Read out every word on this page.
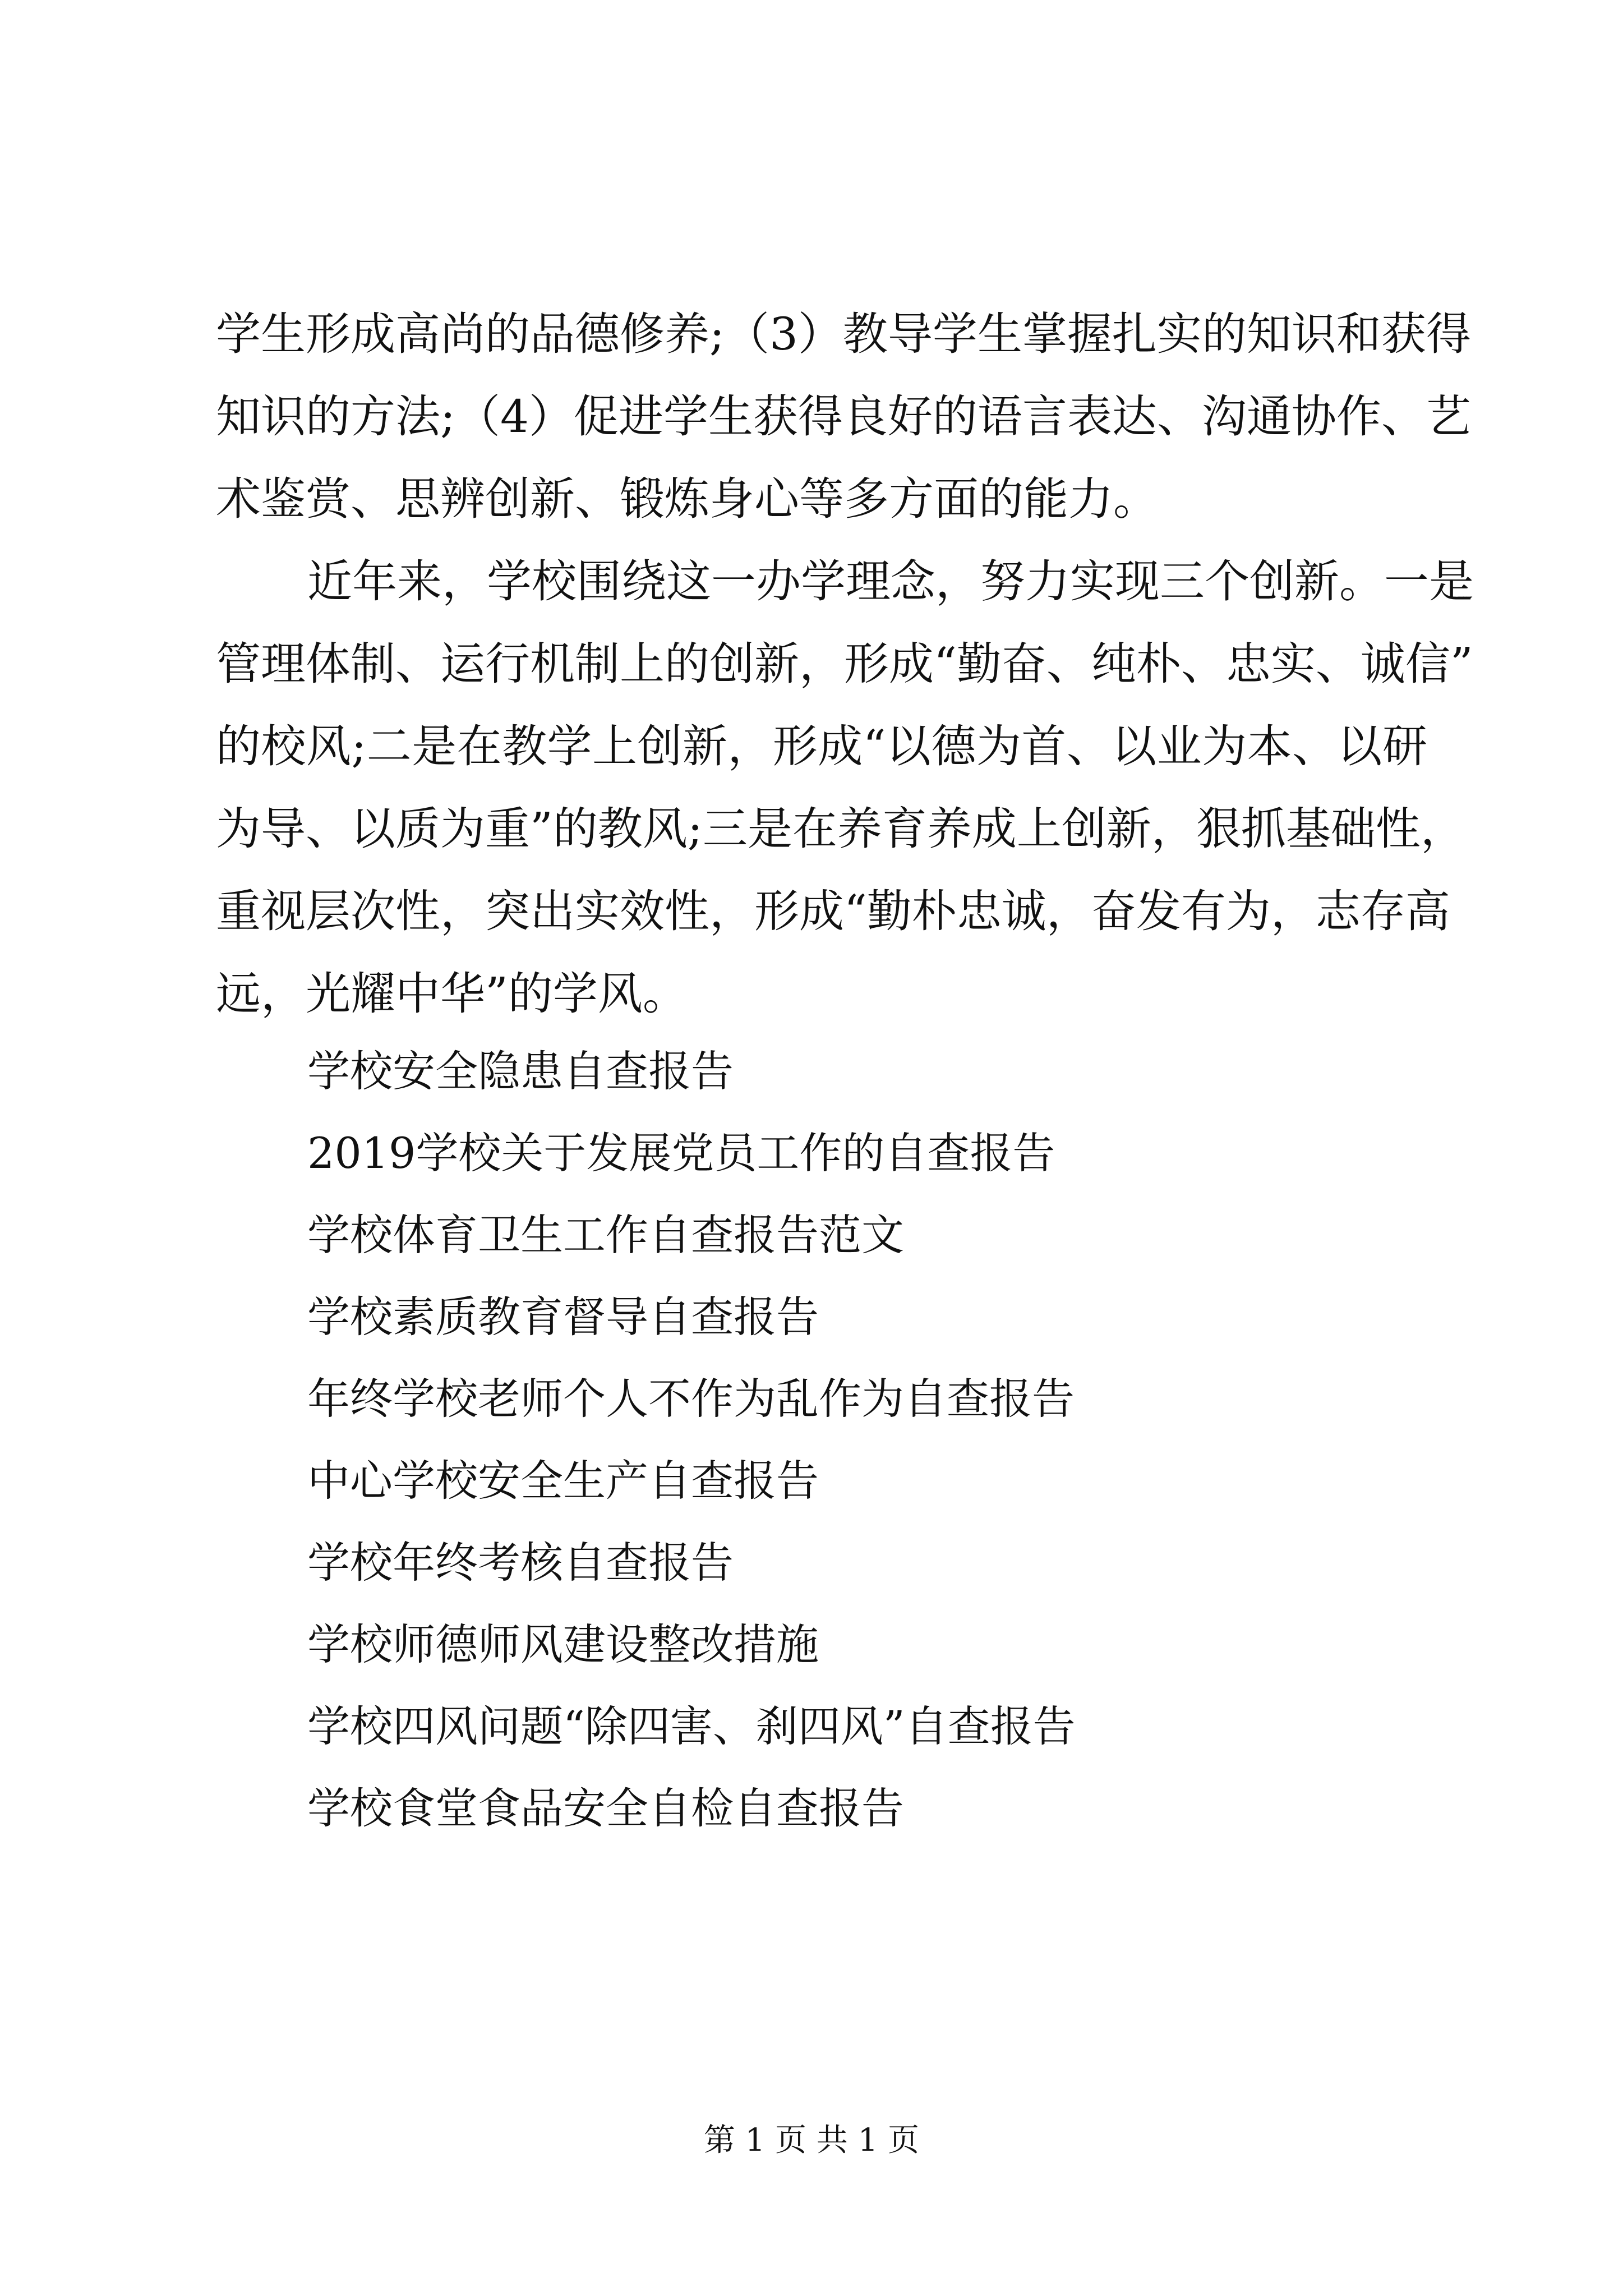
学生形成高尚的品德修养;（3）教导学生掌握扎实的知识和获得
知识的方法;（4）促进学生获得良好的语言表达、沟通协作、艺
术鉴赏、思辨创新、锻炼身心等多方面的能力。
近年来，学校围绕这一办学理念，努力实现三个创新。一是
管理体制、运行机制上的创新，形成“勤奋、纯朴、忠实、诚信”
的校风;二是在教学上创新，形成“以德为首、以业为本、以研
为导、以质为重”的教风;三是在养育养成上创新，狠抓基础性，
重视层次性，突出实效性，形成“勤朴忠诚，奋发有为，志存高
远，光耀中华”的学风。
学校安全隐患自查报告
2019学校关于发展党员工作的自查报告
学校体育卫生工作自查报告范文
学校素质教育督导自查报告
年终学校老师个人不作为乱作为自查报告
中心学校安全生产自查报告
学校年终考核自查报告
学校师德师风建设整改措施
学校四风问题“除四害、刹四风”自查报告
学校食堂食品安全自检自查报告
第 1 页 共 1 页
